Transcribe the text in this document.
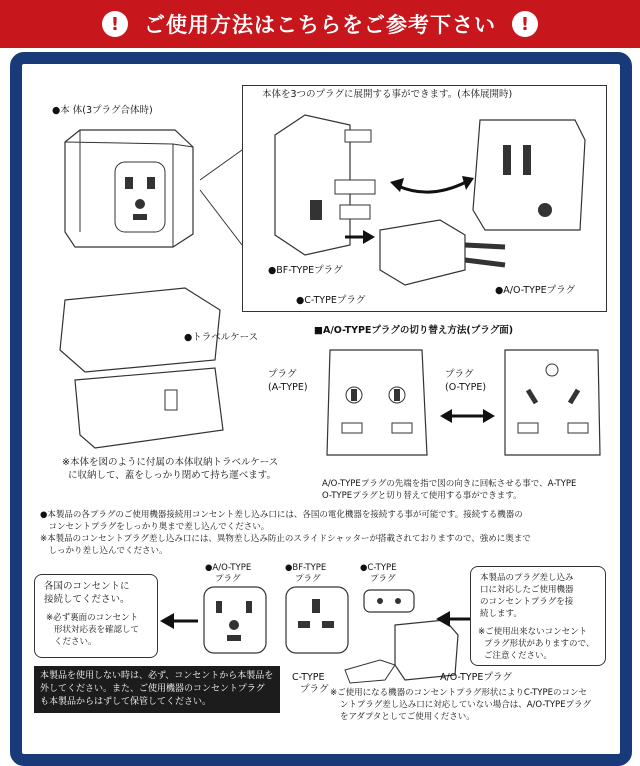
!	ご使用方法はこちらをご参考下さい	!
●本 体(3プラグ合体時)
本体を3つのプラグに展開する事ができます。(本体展開時)
●BF-TYPEプラグ
●C-TYPEプラグ
●A/O-TYPEプラグ
●トラベルケース
※本体を図のように付属の本体収納トラベルケース
に収納して、蓋をしっかり閉めて持ち運べます。
■A/O-TYPEプラグの切り替え方法(プラグ面)
プラグ
(A-TYPE)
プラグ
(O-TYPE)
A/O-TYPEプラグの先端を指で図の向きに回転させる事で、A-TYPE
O-TYPEプラグと切り替えて使用する事ができます。
●本製品の各プラグのご使用機器接続用コンセント差し込み口には、各国の電化機器を接続する事が可能です。接続する機器の
　コンセントプラグをしっかり奥まで差し込んでください。
※本製品のコンセントプラグ差し込み口には、異物差し込み防止のスライドシャッターが搭載されておりますので、強めに奥まで
　しっかり差し込んでください。
各国のコンセントに
接続してください。
※必ず裏面のコンセント
形状対応表を確認して
ください。
●A/O-TYPE
プラグ
●BF-TYPE
プラグ
●C-TYPE
プラグ	本製品のプラグ差し込み
口に対応したご使用機器
のコンセントプラグを接
続します。
※ご使用出来ないコンセント
プラグ形状がありますので、
ご注意ください。
C-TYPE
プラグ
A/O-TYPEプラグ
本製品を使用しない時は、必ず、コンセントから本製品を
外してください。また、ご使用機器のコンセントプラグ
も本製品からはずして保管してください。
※ご使用になる機器のコンセントプラグ形状によりC-TYPEのコンセ
ントプラグ差し込み口に対応していない場合は、A/O-TYPEプラグ
をアダプタとしてご使用ください。
